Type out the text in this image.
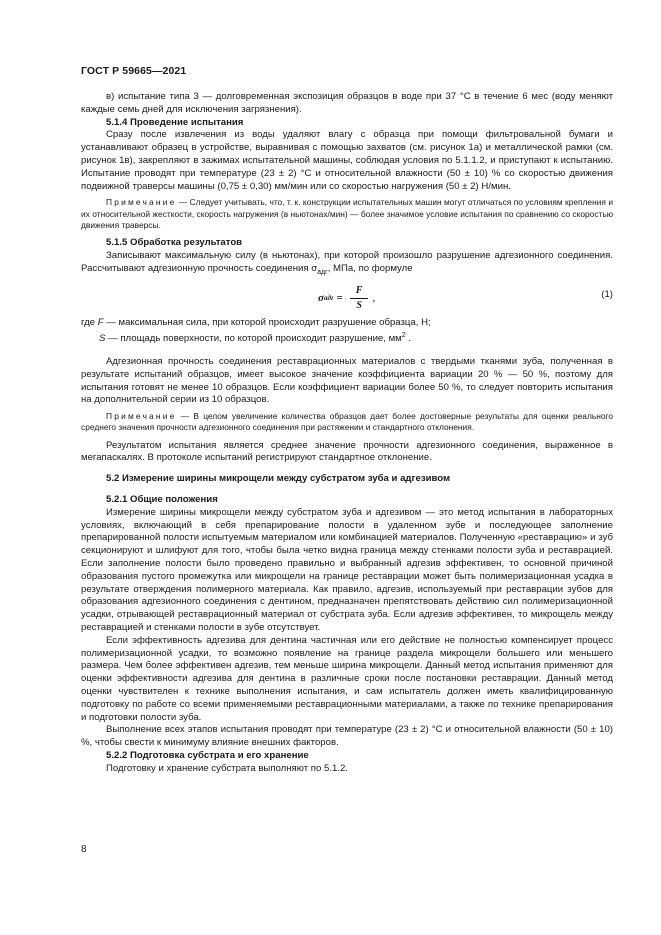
ГОСТ Р 59665—2021

в) испытание типа 3 — долговременная экспозиция образцов в воде при 37 °С в течение 6 мес (воду меняют каждые семь дней для исключения загрязнения).

5.1.4 Проведение испытания

Сразу после извлечения из воды удаляют влагу с образца при помощи фильтровальной бумаги и устанавливают образец в устройстве, выравнивая с помощью захватов (см. рисунок 1а) и металлической рамки (см. рисунок 1в), закрепляют в зажимах испытательной машины, соблюдая условия по 5.1.1.2, и приступают к испытанию. Испытание проводят при температуре (23 ± 2) °С и относительной влажности (50 ± 10) % со скоростью движения подвижной траверсы машины (0,75 ± 0,30) мм/мин или со скоростью нагружения (50 ± 2) Н/мин.

Примечание — Следует учитывать, что, т. к. конструкции испытательных машин могут отличаться по условиям крепления и их относительной жесткости, скорость нагружения (в ньютонах/мин) — более значимое условие испытания по сравнению со скоростью движения траверсы.

5.1.5 Обработка результатов

Записывают максимальную силу (в ньютонах), при которой произошло разрушение адгезионного соединения. Рассчитывают адгезионную прочность соединения $\sigma_{адг}$, МПа, по формуле

σ адг = $\frac{F}{S}$ ,	(1)

где F — максимальная сила, при которой происходит разрушение образца, Н;

S — площадь поверхности, по которой происходит разрушение, $мм^2$ .

Адгезионная прочность соединения реставрационных материалов с твердыми тканями зуба, полученная в результате испытаний образцов, имеет высокое значение коэффициента вариации 20 % — 50 %, поэтому для испытания готовят не менее 10 образцов. Если коэффициент вариации более 50 %, то следует повторить испытания на дополнительной серии из 10 образцов.

Примечание — В целом увеличение количества образцов дает более достоверные результаты для оценки реального среднего значения прочности адгезионного соединения при растяжении и стандартного отклонения.

Результатом испытания является среднее значение прочности адгезионного соединения, выраженное в мегапаскалях. В протоколе испытаний регистрируют стандартное отклонение.

5.2 Измерение ширины микрощели между субстратом зуба и адгезивом

5.2.1 Общие положения

Измерение ширины микрощели между субстратом зуба и адгезивом — это метод испытания в лабораторных условиях, включающий в себя препарирование полости в удаленном зубе и последующее заполнение препарированной полости испытуемым материалом или комбинацией материалов. Полученную «реставрацию» и зуб секционируют и шлифуют для того, чтобы была четко видна граница между стенками полости зуба и реставрацией. Если заполнение полости было проведено правильно и выбранный адгезив эффективен, то основной причиной образования пустого промежутка или микрощели на границе реставрации может быть полимеризационная усадка в результате отверждения полимерного материала. Как правило, адгезив, используемый при реставрации зубов для образования адгезионного соединения с дентином, предназначен препятствовать действию сил полимеризационной усадки, отрывающей реставрационный материал от субстрата зуба. Если адгезив эффективен, то микрощель между реставрацией и стенками полости в зубе отсутствует.

Если эффективность адгезива для дентина частичная или его действие не полностью компенсирует процесс полимеризационной усадки, то возможно появление на границе раздела микрощели большего или меньшего размера. Чем более эффективен адгезив, тем меньше ширина микрощели. Данный метод испытания применяют для оценки эффективности адгезива для дентина в различные сроки после постановки реставрации. Данный метод оценки чувствителен к технике выполнения испытания, и сам испытатель должен иметь квалифицированную подготовку по работе со всеми применяемыми реставрационными материалами, а также по технике препарирования и подготовки полости зуба.

Выполнение всех этапов испытания проводят при температуре (23 ± 2) °С и относительной влажности (50 ± 10) %, чтобы свести к минимуму влияние внешних факторов.

5.2.2 Подготовка субстрата и его хранение

Подготовку и хранение субстрата выполняют по 5.1.2.

8
